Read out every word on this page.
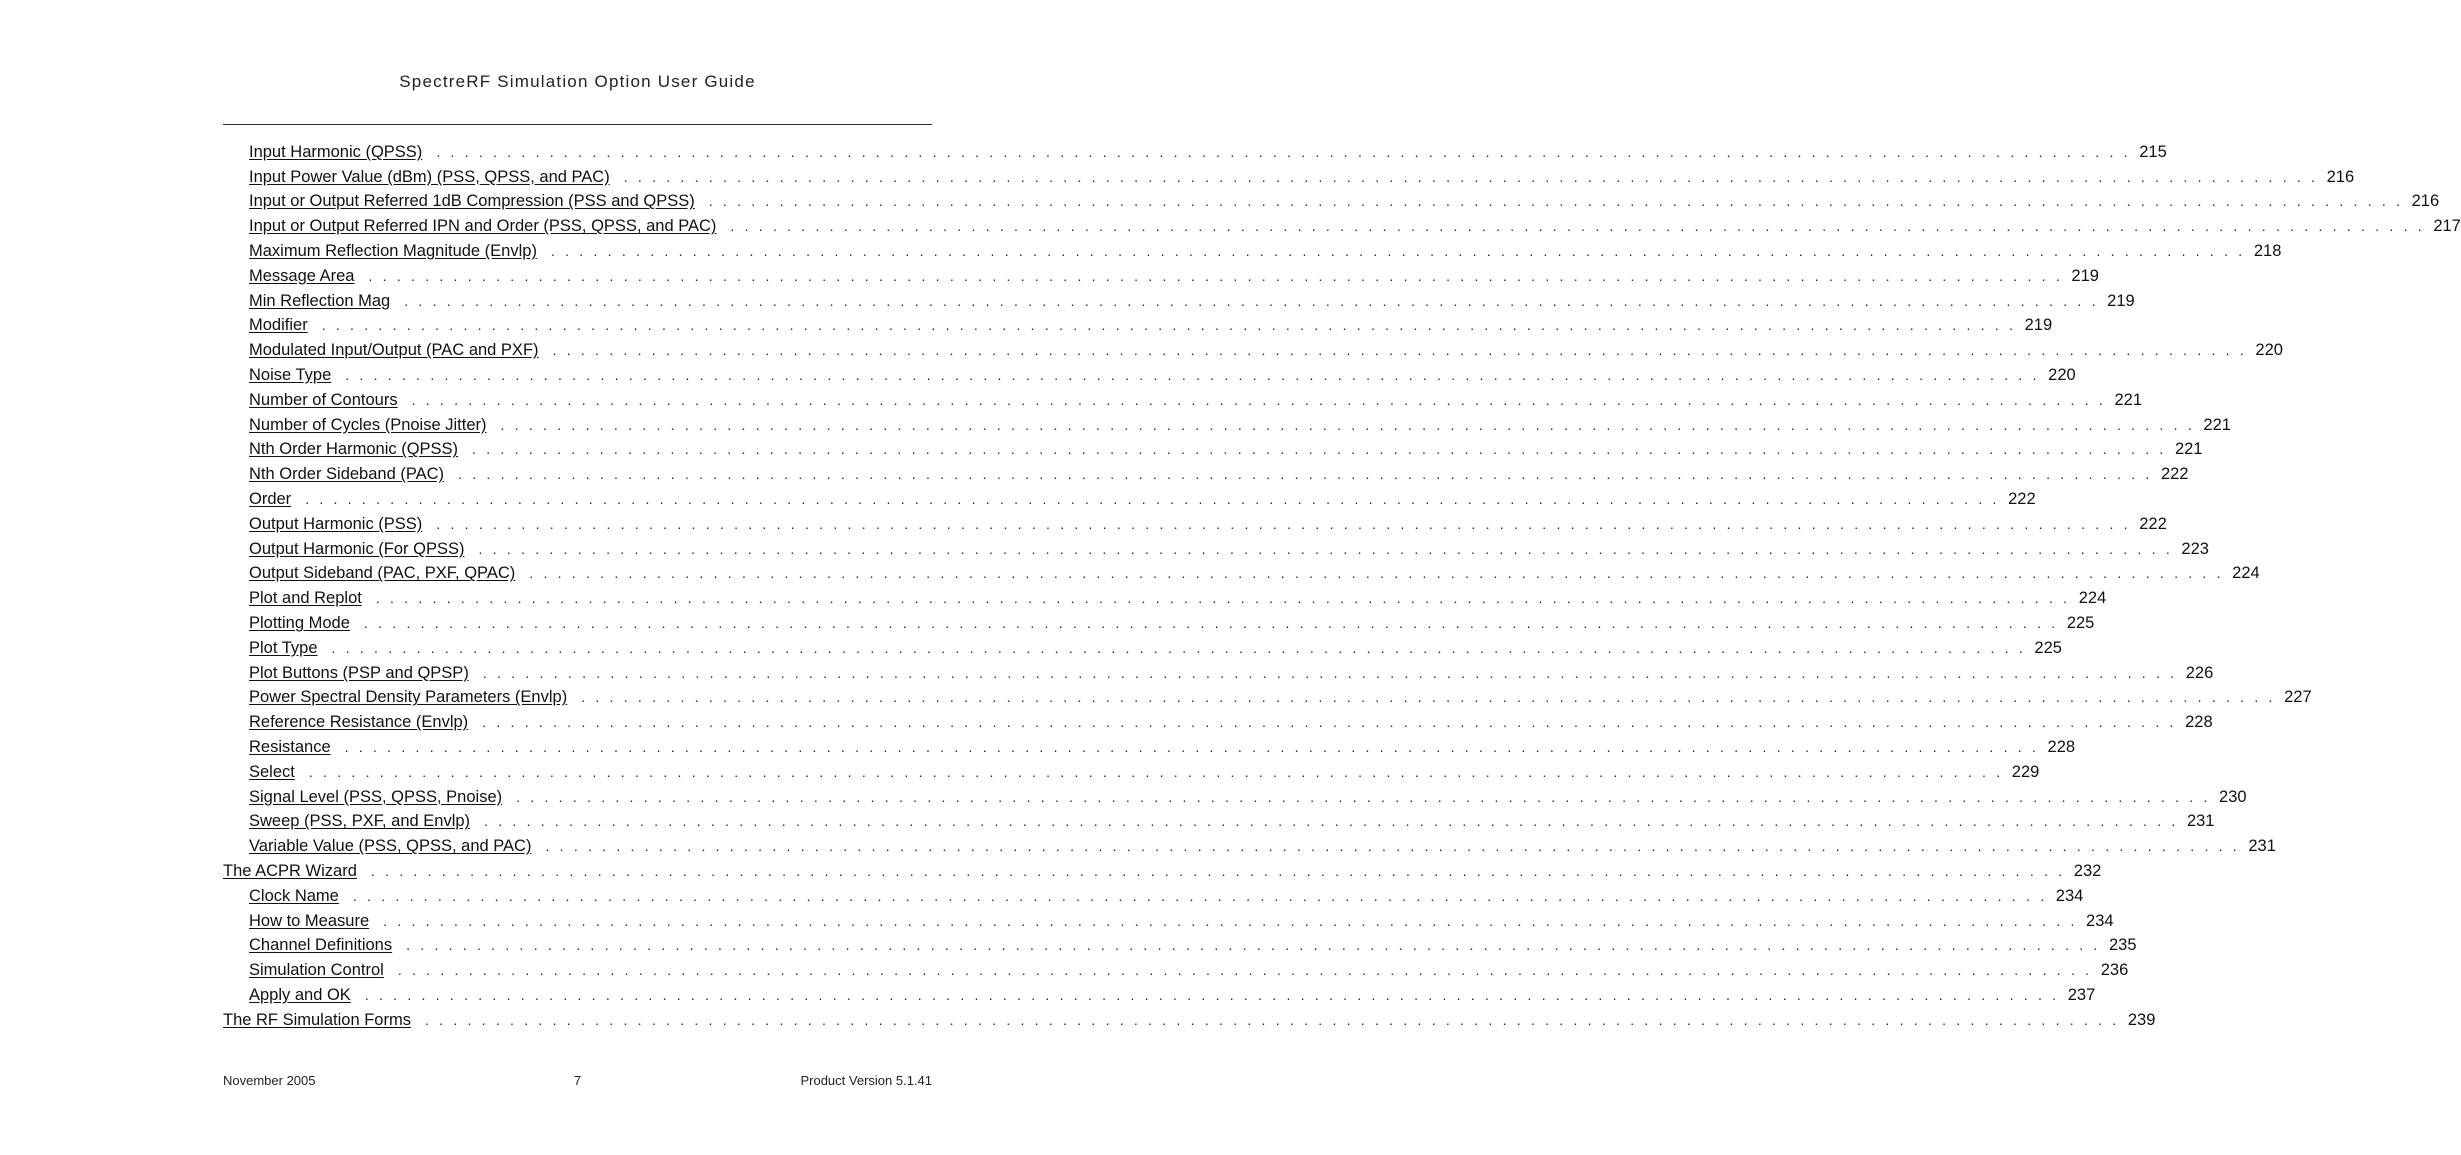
SpectreRF Simulation Option User Guide
Input Harmonic (QPSS) . . . . . . . . . . . . . . . . . . . . . . . . . . . . . . . . . . . . . . . . . . . . . . . . . . . . . . . . . . . . . . . . . . . . . . . . . . . . . . . . . . . . . . . . . . . . . . . . . . . . . . . . . . . . . . . . . . . . . . . . 215
Input Power Value (dBm) (PSS, QPSS, and PAC) . . . . . . . . . . . . . . . . . . . . . . . . . . . . . . . . . . . . . . . . . . . . . . . . . . . . . . . . . . . . . . . . . . . . . . . . . . . . . . . . . . . . . . . . . . . . . . . . . . . . . . . . . . . . . . . . . . . . . . . . 216
Input or Output Referred 1dB Compression (PSS and QPSS) . . . . . . . . . . . . . . . . . . . . . . . . . . . . . . . . . . . . . . . . . . . . . . . . . . . . . . . . . . . . . . . . . . . . . . . . . . . . . . . . . . . . . . . . . . . . . . . . . . . . . . . . . . . . . . . . . . . . . . . . 216
Input or Output Referred IPN and Order (PSS, QPSS, and PAC) . . . . . . . . . . . . . . . . . . . . . . . . . . . . . . . . . . . . . . . . . . . . . . . . . . . . . . . . . . . . . . . . . . . . . . . . . . . . . . . . . . . . . . . . . . . . . . . . . . . . . . . . . . . . . . . . . . . . . . . . 217
Maximum Reflection Magnitude (Envlp) . . . . . . . . . . . . . . . . . . . . . . . . . . . . . . . . . . . . . . . . . . . . . . . . . . . . . . . . . . . . . . . . . . . . . . . . . . . . . . . . . . . . . . . . . . . . . . . . . . . . . . . . . . . . . . . . . . . . . . . . 218
Message Area . . . . . . . . . . . . . . . . . . . . . . . . . . . . . . . . . . . . . . . . . . . . . . . . . . . . . . . . . . . . . . . . . . . . . . . . . . . . . . . . . . . . . . . . . . . . . . . . . . . . . . . . . . . . . . . . . . . . . . . . 219
Min Reflection Mag . . . . . . . . . . . . . . . . . . . . . . . . . . . . . . . . . . . . . . . . . . . . . . . . . . . . . . . . . . . . . . . . . . . . . . . . . . . . . . . . . . . . . . . . . . . . . . . . . . . . . . . . . . . . . . . . . . . . . . . . 219
Modifier . . . . . . . . . . . . . . . . . . . . . . . . . . . . . . . . . . . . . . . . . . . . . . . . . . . . . . . . . . . . . . . . . . . . . . . . . . . . . . . . . . . . . . . . . . . . . . . . . . . . . . . . . . . . . . . . . . . . . . . . 219
Modulated Input/Output (PAC and PXF) . . . . . . . . . . . . . . . . . . . . . . . . . . . . . . . . . . . . . . . . . . . . . . . . . . . . . . . . . . . . . . . . . . . . . . . . . . . . . . . . . . . . . . . . . . . . . . . . . . . . . . . . . . . . . . . . . . . . . . . . 220
Noise Type . . . . . . . . . . . . . . . . . . . . . . . . . . . . . . . . . . . . . . . . . . . . . . . . . . . . . . . . . . . . . . . . . . . . . . . . . . . . . . . . . . . . . . . . . . . . . . . . . . . . . . . . . . . . . . . . . . . . . . . . 220
Number of Contours . . . . . . . . . . . . . . . . . . . . . . . . . . . . . . . . . . . . . . . . . . . . . . . . . . . . . . . . . . . . . . . . . . . . . . . . . . . . . . . . . . . . . . . . . . . . . . . . . . . . . . . . . . . . . . . . . . . . . . . . 221
Number of Cycles (Pnoise Jitter) . . . . . . . . . . . . . . . . . . . . . . . . . . . . . . . . . . . . . . . . . . . . . . . . . . . . . . . . . . . . . . . . . . . . . . . . . . . . . . . . . . . . . . . . . . . . . . . . . . . . . . . . . . . . . . . . . . . . . . . . 221
Nth Order Harmonic (QPSS) . . . . . . . . . . . . . . . . . . . . . . . . . . . . . . . . . . . . . . . . . . . . . . . . . . . . . . . . . . . . . . . . . . . . . . . . . . . . . . . . . . . . . . . . . . . . . . . . . . . . . . . . . . . . . . . . . . . . . . . . 221
Nth Order Sideband (PAC) . . . . . . . . . . . . . . . . . . . . . . . . . . . . . . . . . . . . . . . . . . . . . . . . . . . . . . . . . . . . . . . . . . . . . . . . . . . . . . . . . . . . . . . . . . . . . . . . . . . . . . . . . . . . . . . . . . . . . . . . 222
Order . . . . . . . . . . . . . . . . . . . . . . . . . . . . . . . . . . . . . . . . . . . . . . . . . . . . . . . . . . . . . . . . . . . . . . . . . . . . . . . . . . . . . . . . . . . . . . . . . . . . . . . . . . . . . . . . . . . . . . . . 222
Output Harmonic (PSS) . . . . . . . . . . . . . . . . . . . . . . . . . . . . . . . . . . . . . . . . . . . . . . . . . . . . . . . . . . . . . . . . . . . . . . . . . . . . . . . . . . . . . . . . . . . . . . . . . . . . . . . . . . . . . . . . . . . . . . . . 222
Output Harmonic (For QPSS) . . . . . . . . . . . . . . . . . . . . . . . . . . . . . . . . . . . . . . . . . . . . . . . . . . . . . . . . . . . . . . . . . . . . . . . . . . . . . . . . . . . . . . . . . . . . . . . . . . . . . . . . . . . . . . . . . . . . . . . . 223
Output Sideband (PAC, PXF, QPAC) . . . . . . . . . . . . . . . . . . . . . . . . . . . . . . . . . . . . . . . . . . . . . . . . . . . . . . . . . . . . . . . . . . . . . . . . . . . . . . . . . . . . . . . . . . . . . . . . . . . . . . . . . . . . . . . . . . . . . . . . 224
Plot and Replot . . . . . . . . . . . . . . . . . . . . . . . . . . . . . . . . . . . . . . . . . . . . . . . . . . . . . . . . . . . . . . . . . . . . . . . . . . . . . . . . . . . . . . . . . . . . . . . . . . . . . . . . . . . . . . . . . . . . . . . . 224
Plotting Mode . . . . . . . . . . . . . . . . . . . . . . . . . . . . . . . . . . . . . . . . . . . . . . . . . . . . . . . . . . . . . . . . . . . . . . . . . . . . . . . . . . . . . . . . . . . . . . . . . . . . . . . . . . . . . . . . . . . . . . . . 225
Plot Type . . . . . . . . . . . . . . . . . . . . . . . . . . . . . . . . . . . . . . . . . . . . . . . . . . . . . . . . . . . . . . . . . . . . . . . . . . . . . . . . . . . . . . . . . . . . . . . . . . . . . . . . . . . . . . . . . . . . . . . . 225
Plot Buttons (PSP and QPSP) . . . . . . . . . . . . . . . . . . . . . . . . . . . . . . . . . . . . . . . . . . . . . . . . . . . . . . . . . . . . . . . . . . . . . . . . . . . . . . . . . . . . . . . . . . . . . . . . . . . . . . . . . . . . . . . . . . . . . . . . 226
Power Spectral Density Parameters (Envlp) . . . . . . . . . . . . . . . . . . . . . . . . . . . . . . . . . . . . . . . . . . . . . . . . . . . . . . . . . . . . . . . . . . . . . . . . . . . . . . . . . . . . . . . . . . . . . . . . . . . . . . . . . . . . . . . . . . . . . . . . 227
Reference Resistance (Envlp) . . . . . . . . . . . . . . . . . . . . . . . . . . . . . . . . . . . . . . . . . . . . . . . . . . . . . . . . . . . . . . . . . . . . . . . . . . . . . . . . . . . . . . . . . . . . . . . . . . . . . . . . . . . . . . . . . . . . . . . . 228
Resistance . . . . . . . . . . . . . . . . . . . . . . . . . . . . . . . . . . . . . . . . . . . . . . . . . . . . . . . . . . . . . . . . . . . . . . . . . . . . . . . . . . . . . . . . . . . . . . . . . . . . . . . . . . . . . . . . . . . . . . . . 228
Select . . . . . . . . . . . . . . . . . . . . . . . . . . . . . . . . . . . . . . . . . . . . . . . . . . . . . . . . . . . . . . . . . . . . . . . . . . . . . . . . . . . . . . . . . . . . . . . . . . . . . . . . . . . . . . . . . . . . . . . . 229
Signal Level (PSS, QPSS, Pnoise) . . . . . . . . . . . . . . . . . . . . . . . . . . . . . . . . . . . . . . . . . . . . . . . . . . . . . . . . . . . . . . . . . . . . . . . . . . . . . . . . . . . . . . . . . . . . . . . . . . . . . . . . . . . . . . . . . . . . . . . . 230
Sweep (PSS, PXF, and Envlp) . . . . . . . . . . . . . . . . . . . . . . . . . . . . . . . . . . . . . . . . . . . . . . . . . . . . . . . . . . . . . . . . . . . . . . . . . . . . . . . . . . . . . . . . . . . . . . . . . . . . . . . . . . . . . . . . . . . . . . . . 231
Variable Value (PSS, QPSS, and PAC) . . . . . . . . . . . . . . . . . . . . . . . . . . . . . . . . . . . . . . . . . . . . . . . . . . . . . . . . . . . . . . . . . . . . . . . . . . . . . . . . . . . . . . . . . . . . . . . . . . . . . . . . . . . . . . . . . . . . . . . . 231
The ACPR Wizard . . . . . . . . . . . . . . . . . . . . . . . . . . . . . . . . . . . . . . . . . . . . . . . . . . . . . . . . . . . . . . . . . . . . . . . . . . . . . . . . . . . . . . . . . . . . . . . . . . . . . . . . . . . . . . . . . . . . . . . . 232
Clock Name . . . . . . . . . . . . . . . . . . . . . . . . . . . . . . . . . . . . . . . . . . . . . . . . . . . . . . . . . . . . . . . . . . . . . . . . . . . . . . . . . . . . . . . . . . . . . . . . . . . . . . . . . . . . . . . . . . . . . . . . 234
How to Measure . . . . . . . . . . . . . . . . . . . . . . . . . . . . . . . . . . . . . . . . . . . . . . . . . . . . . . . . . . . . . . . . . . . . . . . . . . . . . . . . . . . . . . . . . . . . . . . . . . . . . . . . . . . . . . . . . . . . . . . . 234
Channel Definitions . . . . . . . . . . . . . . . . . . . . . . . . . . . . . . . . . . . . . . . . . . . . . . . . . . . . . . . . . . . . . . . . . . . . . . . . . . . . . . . . . . . . . . . . . . . . . . . . . . . . . . . . . . . . . . . . . . . . . . . . 235
Simulation Control . . . . . . . . . . . . . . . . . . . . . . . . . . . . . . . . . . . . . . . . . . . . . . . . . . . . . . . . . . . . . . . . . . . . . . . . . . . . . . . . . . . . . . . . . . . . . . . . . . . . . . . . . . . . . . . . . . . . . . . . 236
Apply and OK . . . . . . . . . . . . . . . . . . . . . . . . . . . . . . . . . . . . . . . . . . . . . . . . . . . . . . . . . . . . . . . . . . . . . . . . . . . . . . . . . . . . . . . . . . . . . . . . . . . . . . . . . . . . . . . . . . . . . . . . 237
The RF Simulation Forms . . . . . . . . . . . . . . . . . . . . . . . . . . . . . . . . . . . . . . . . . . . . . . . . . . . . . . . . . . . . . . . . . . . . . . . . . . . . . . . . . . . . . . . . . . . . . . . . . . . . . . . . . . . . . . . . . . . . . . . . 239
November 2005	7	Product Version 5.1.41
